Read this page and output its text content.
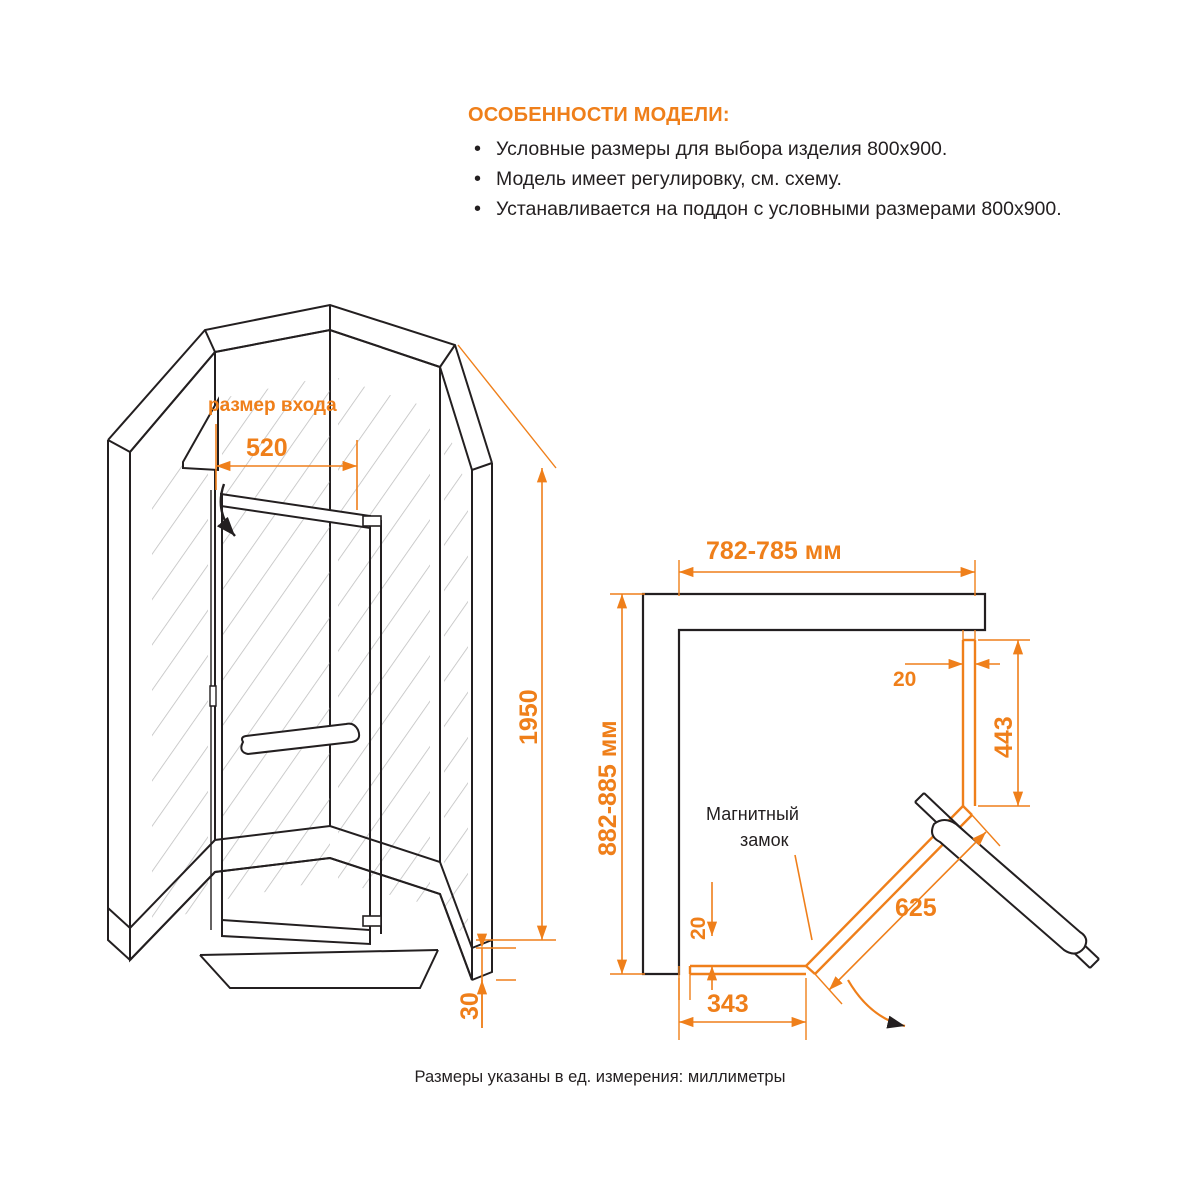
ОСОБЕННОСТИ МОДЕЛИ:
• Условные размеры для выбора изделия 800х900.
• Модель имеет регулировку, см. схему.
• Устанавливается на поддон с условными размерами 800х900.
размер входа
520
1950
30
Магнитный
замок
782-785 мм
882-885 мм	443
20
20
625
343
Размеры указаны в ед. измерения: миллиметры
